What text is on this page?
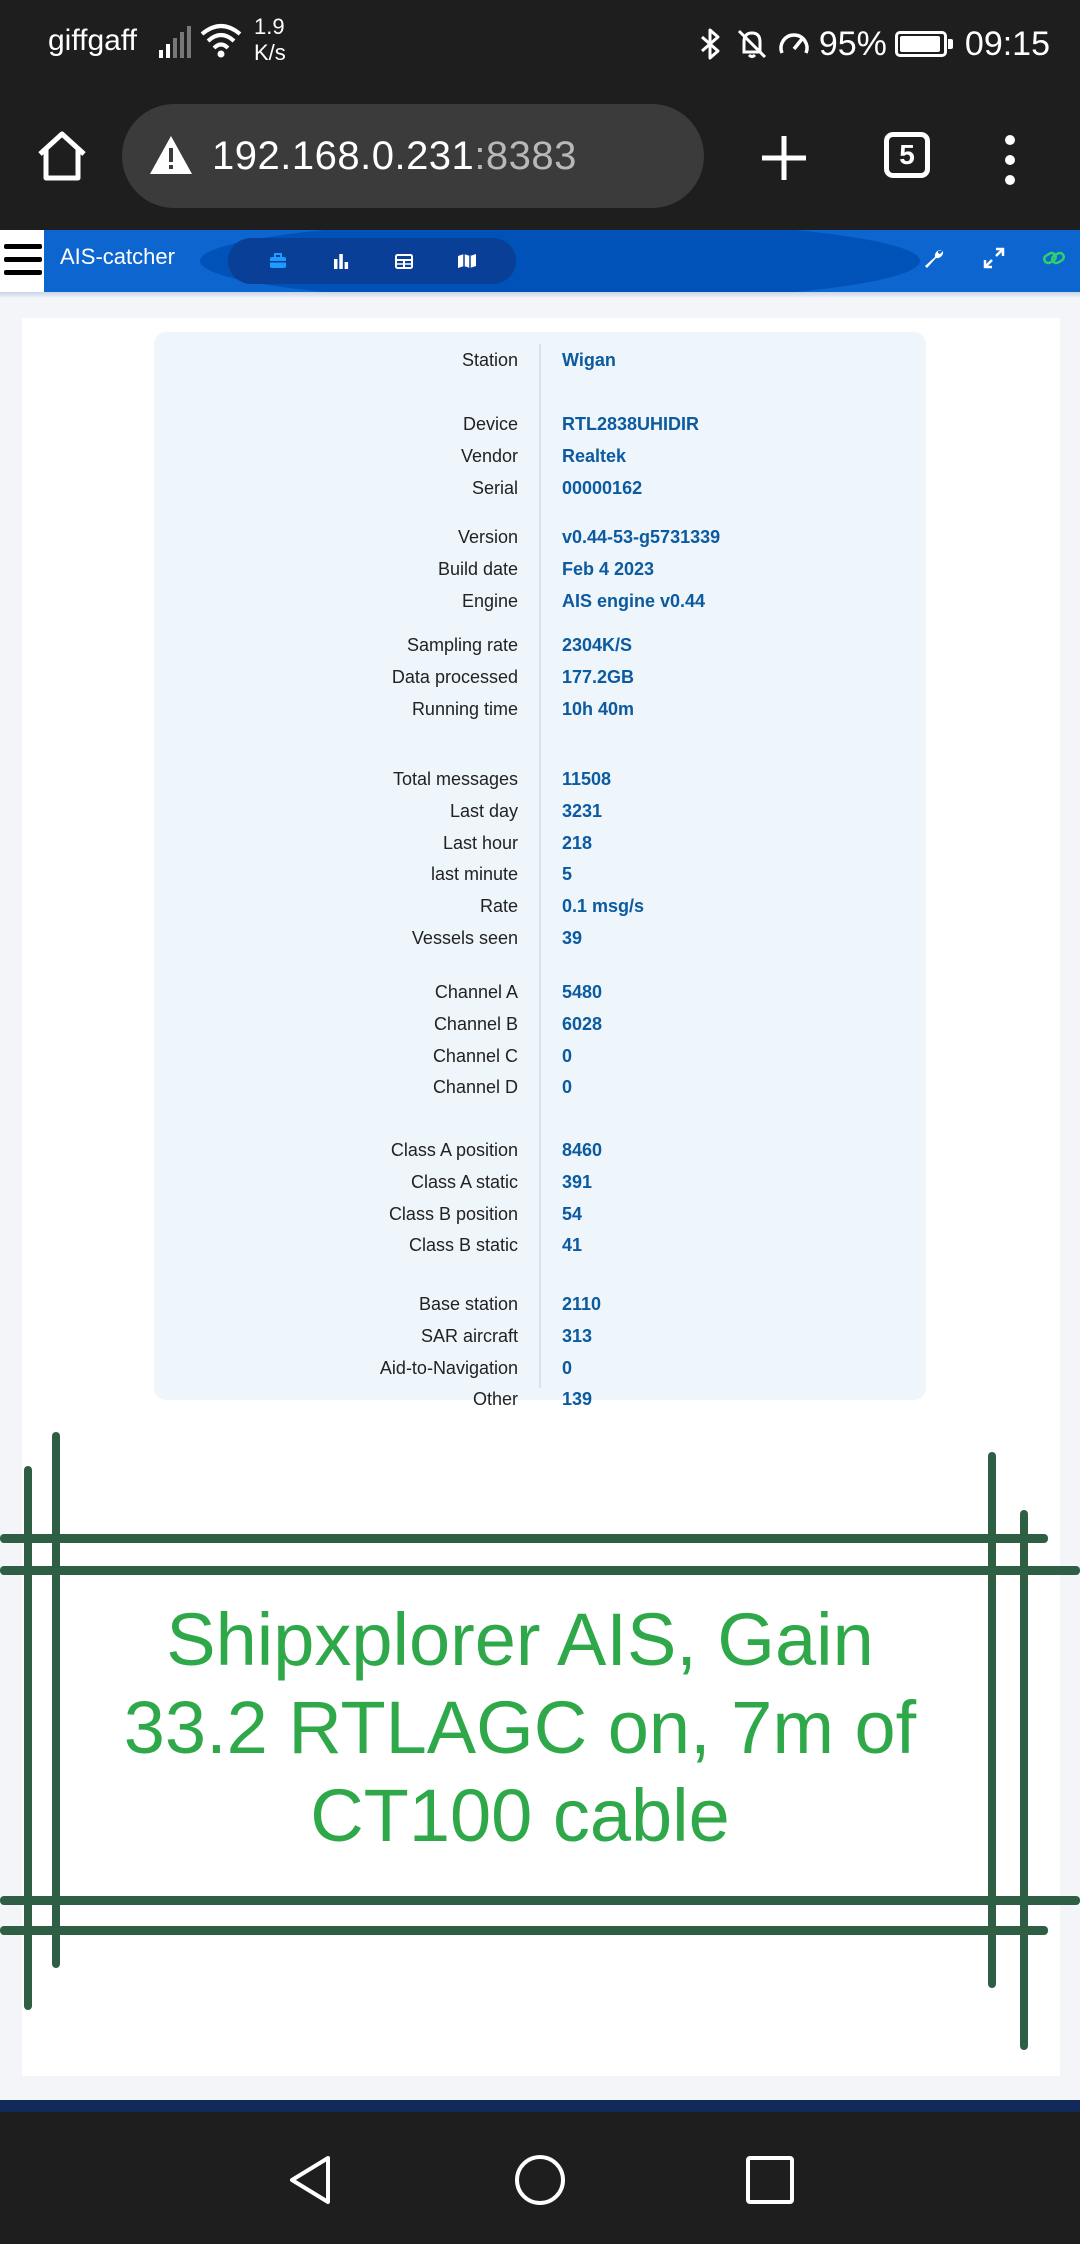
giffgaff	1.9
K/s	95% 09:15
192.168.0.231:8383	5
AIS-catcher
Station Wigan
Device RTL2838UHIDIR
Vendor Realtek
Serial 00000162
Version v0.44-53-g5731339
Build date Feb 4 2023
Engine AIS engine v0.44
Sampling rate 2304K/S
Data processed 177.2GB
Running time 10h 40m
Total messages 11508
Last day 3231
Last hour 218
last minute 5
Rate 0.1 msg/s
Vessels seen 39
Channel A 5480
Channel B 6028
Channel C 0
Channel D 0
Class A position 8460
Class A static 391
Class B position 54
Class B static 41
Base station 2110
SAR aircraft 313
Aid-to-Navigation 0
Other 139
Shipxplorer AIS, Gain
33.2 RTLAGC on, 7m of
CT100 cable
